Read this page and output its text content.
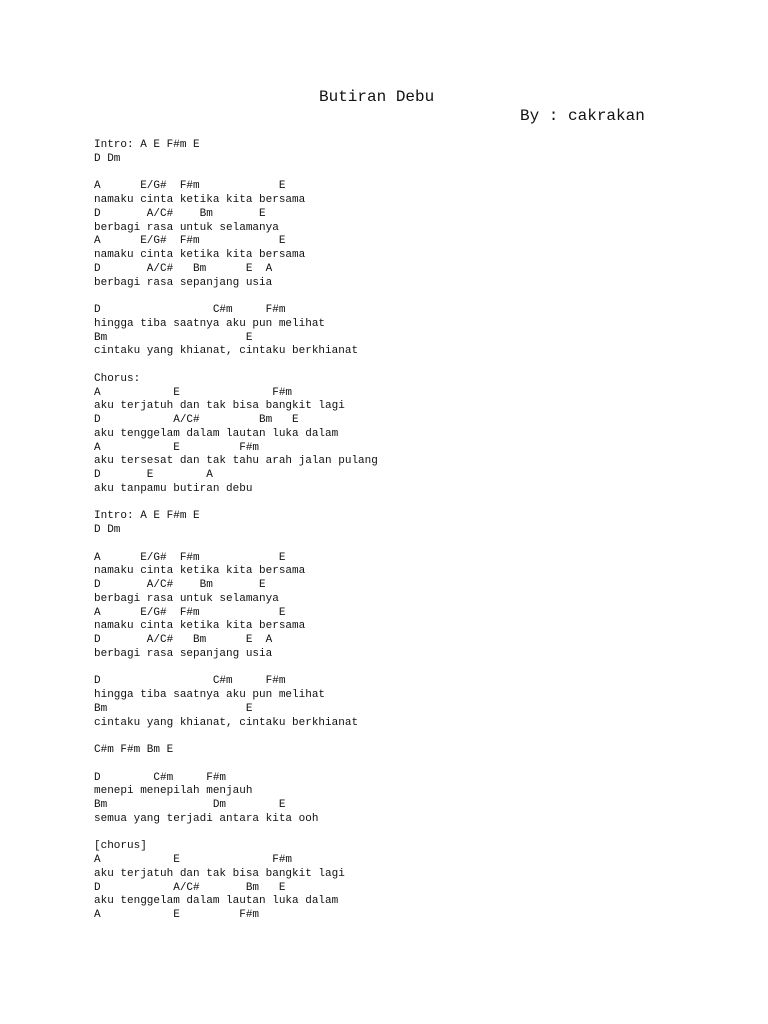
Butiran Debu
By : cakrakan
Intro: A E F#m E
D Dm

A      E/G#  F#m            E
namaku cinta ketika kita bersama
D       A/C#    Bm       E
berbagi rasa untuk selamanya
A      E/G#  F#m            E
namaku cinta ketika kita bersama
D       A/C#   Bm      E  A
berbagi rasa sepanjang usia

D                 C#m     F#m
hingga tiba saatnya aku pun melihat
Bm                     E
cintaku yang khianat, cintaku berkhianat

Chorus:
A           E              F#m
aku terjatuh dan tak bisa bangkit lagi
D           A/C#         Bm   E
aku tenggelam dalam lautan luka dalam
A           E         F#m
aku tersesat dan tak tahu arah jalan pulang
D       E        A
aku tanpamu butiran debu

Intro: A E F#m E
D Dm

A      E/G#  F#m            E
namaku cinta ketika kita bersama
D       A/C#    Bm       E
berbagi rasa untuk selamanya
A      E/G#  F#m            E
namaku cinta ketika kita bersama
D       A/C#   Bm      E  A
berbagi rasa sepanjang usia

D                 C#m     F#m
hingga tiba saatnya aku pun melihat
Bm                     E
cintaku yang khianat, cintaku berkhianat

C#m F#m Bm E

D        C#m     F#m
menepi menepilah menjauh
Bm                Dm        E
semua yang terjadi antara kita ooh

[chorus]
A           E              F#m
aku terjatuh dan tak bisa bangkit lagi
D           A/C#       Bm   E
aku tenggelam dalam lautan luka dalam
A           E         F#m
